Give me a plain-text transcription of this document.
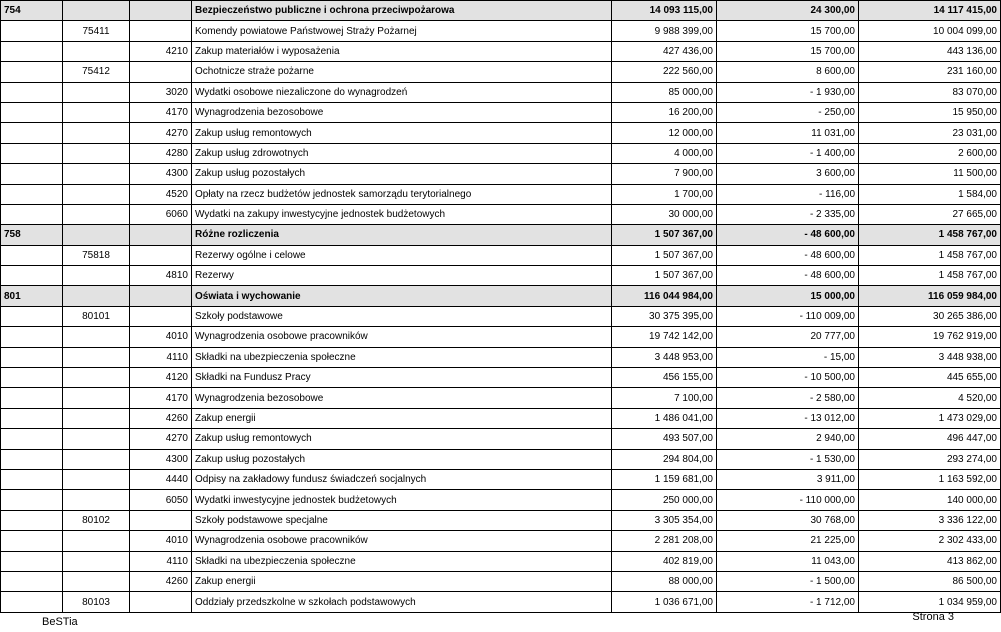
754			Bezpieczeństwo publiczne i ochrona przeciwpożarowa	14 093 115,00	24 300,00	14 117 415,00
	75411		Komendy powiatowe Państwowej Straży Pożarnej	9 988 399,00	15 700,00	10 004 099,00
		4210	Zakup materiałów i wyposażenia	427 436,00	15 700,00	443 136,00
	75412		Ochotnicze straże pożarne	222 560,00	8 600,00	231 160,00
		3020	Wydatki osobowe niezaliczone do wynagrodzeń	85 000,00	- 1 930,00	83 070,00
		4170	Wynagrodzenia bezosobowe	16 200,00	- 250,00	15 950,00
		4270	Zakup usług remontowych	12 000,00	11 031,00	23 031,00
		4280	Zakup usług zdrowotnych	4 000,00	- 1 400,00	2 600,00
		4300	Zakup usług pozostałych	7 900,00	3 600,00	11 500,00
		4520	Opłaty na rzecz budżetów jednostek samorządu terytorialnego	1 700,00	- 116,00	1 584,00
		6060	Wydatki na zakupy inwestycyjne jednostek budżetowych	30 000,00	- 2 335,00	27 665,00
758			Różne rozliczenia	1 507 367,00	- 48 600,00	1 458 767,00
	75818		Rezerwy ogólne i celowe	1 507 367,00	- 48 600,00	1 458 767,00
		4810	Rezerwy	1 507 367,00	- 48 600,00	1 458 767,00
801			Oświata i wychowanie	116 044 984,00	15 000,00	116 059 984,00
	80101		Szkoły podstawowe	30 375 395,00	- 110 009,00	30 265 386,00
		4010	Wynagrodzenia osobowe pracowników	19 742 142,00	20 777,00	19 762 919,00
		4110	Składki na ubezpieczenia społeczne	3 448 953,00	- 15,00	3 448 938,00
		4120	Składki na Fundusz Pracy	456 155,00	- 10 500,00	445 655,00
		4170	Wynagrodzenia bezosobowe	7 100,00	- 2 580,00	4 520,00
		4260	Zakup energii	1 486 041,00	- 13 012,00	1 473 029,00
		4270	Zakup usług remontowych	493 507,00	2 940,00	496 447,00
		4300	Zakup usług pozostałych	294 804,00	- 1 530,00	293 274,00
		4440	Odpisy na zakładowy fundusz świadczeń socjalnych	1 159 681,00	3 911,00	1 163 592,00
		6050	Wydatki inwestycyjne jednostek budżetowych	250 000,00	- 110 000,00	140 000,00
	80102		Szkoły podstawowe specjalne	3 305 354,00	30 768,00	3 336 122,00
		4010	Wynagrodzenia osobowe pracowników	2 281 208,00	21 225,00	2 302 433,00
		4110	Składki na ubezpieczenia społeczne	402 819,00	11 043,00	413 862,00
		4260	Zakup energii	88 000,00	- 1 500,00	86 500,00
	80103		Oddziały przedszkolne w szkołach podstawowych	1 036 671,00	- 1 712,00	1 034 959,00
BeSTia	Strona 3
